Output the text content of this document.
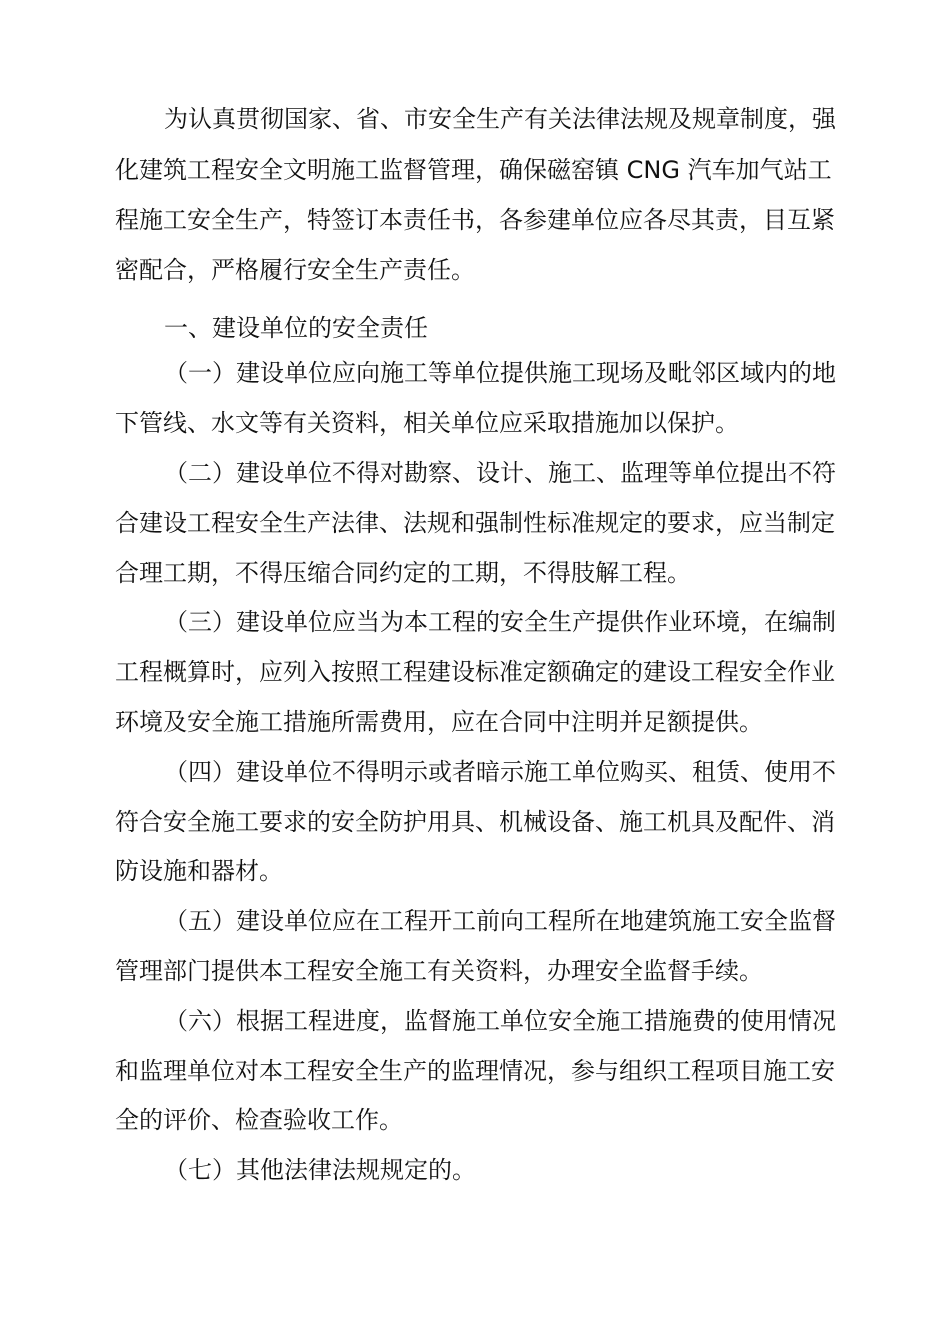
为认真贯彻国家、省、市安全生产有关法律法规及规章制度，强
化建筑工程安全文明施工监督管理，确保磁窑镇 CNG 汽车加气站工
程施工安全生产，特签订本责任书，各参建单位应各尽其责，目互紧
密配合，严格履行安全生产责任。
一、建设单位的安全责任
（一）建设单位应向施工等单位提供施工现场及毗邻区域内的地
下管线、水文等有关资料，相关单位应采取措施加以保护。
（二）建设单位不得对勘察、设计、施工、监理等单位提出不符
合建设工程安全生产法律、法规和强制性标准规定的要求，应当制定
合理工期，不得压缩合同约定的工期，不得肢解工程。
（三）建设单位应当为本工程的安全生产提供作业环境，在编制
工程概算时，应列入按照工程建设标准定额确定的建设工程安全作业
环境及安全施工措施所需费用，应在合同中注明并足额提供。
（四）建设单位不得明示或者暗示施工单位购买、租赁、使用不
符合安全施工要求的安全防护用具、机械设备、施工机具及配件、消
防设施和器材。
（五）建设单位应在工程开工前向工程所在地建筑施工安全监督
管理部门提供本工程安全施工有关资料，办理安全监督手续。
（六）根据工程进度，监督施工单位安全施工措施费的使用情况
和监理单位对本工程安全生产的监理情况，参与组织工程项目施工安
全的评价、检查验收工作。
（七）其他法律法规规定的。
